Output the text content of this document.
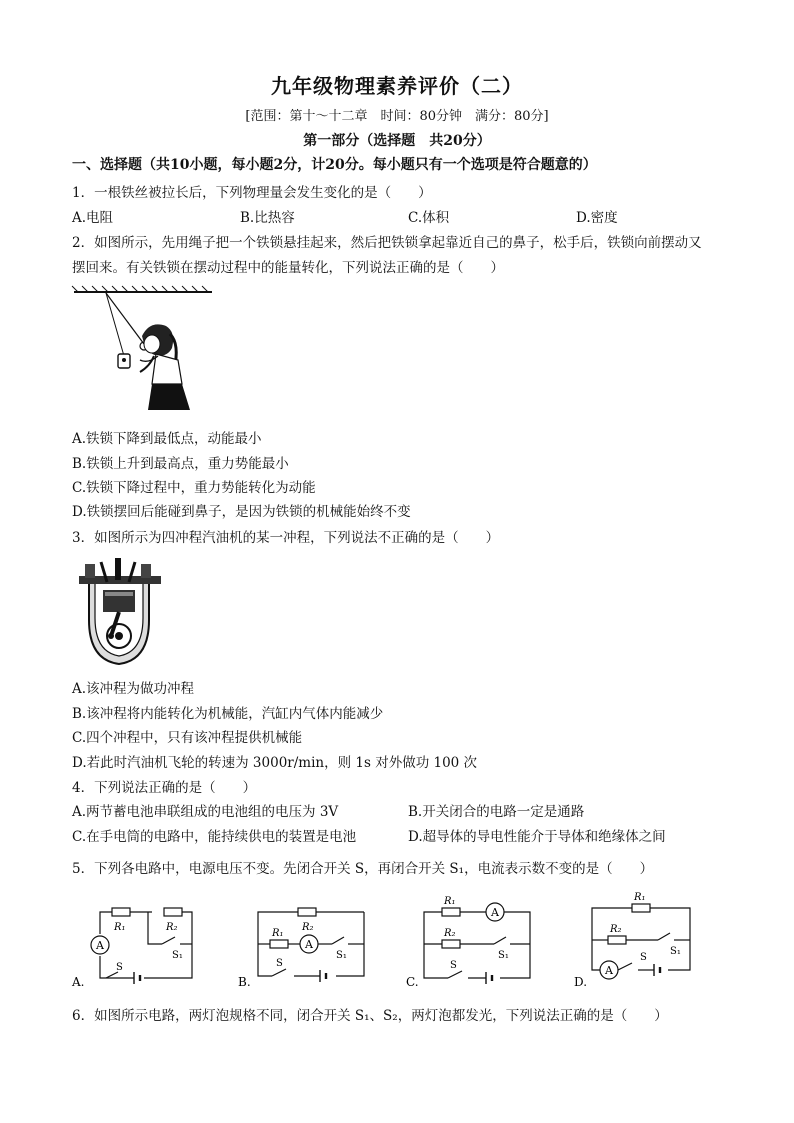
九年级物理素养评价（二）
[范围：第十～十二章　时间：80分钟　满分：80分]
第一部分（选择题　共20分）
一、选择题（共10小题，每小题2分，计20分。每小题只有一个选项是符合题意的）
1．一根铁丝被拉长后，下列物理量会发生变化的是（　　）
A.电阻	B.比热容	C.体积	D.密度
2．如图所示，先用绳子把一个铁锁悬挂起来，然后把铁锁拿起靠近自己的鼻子，松手后，铁锁向前摆动又
摆回来。有关铁锁在摆动过程中的能量转化，下列说法正确的是（　　）
A.铁锁下降到最低点，动能最小
B.铁锁上升到最高点，重力势能最小
C.铁锁下降过程中，重力势能转化为动能
D.铁锁摆回后能碰到鼻子，是因为铁锁的机械能始终不变
3．如图所示为四冲程汽油机的某一冲程，下列说法不正确的是（　　）
A.该冲程为做功冲程
B.该冲程将内能转化为机械能，汽缸内气体内能减少
C.四个冲程中，只有该冲程提供机械能
D.若此时汽油机飞轮的转速为 3000r/min，则 1s 对外做功 100 次
4．下列说法正确的是（　　）
A.两节蓄电池串联组成的电池组的电压为 3V	B.开关闭合的电路一定是通路
C.在手电筒的电路中，能持续供电的装置是电池	D.超导体的导电性能介于导体和绝缘体之间
5．下列各电路中，电源电压不变。先闭合开关 S，再闭合开关 S₁，电流表示数不变的是（　　）
A.
A
R₁	R₂
S₁
S
B.
A
R₁
R₂
S₁
S
C.
A
R₁
R₂
S₁
S
D.
A
R₁
R₂
S₁
S
6．如图所示电路，两灯泡规格不同，闭合开关 S₁、S₂，两灯泡都发光，下列说法正确的是（　　）
